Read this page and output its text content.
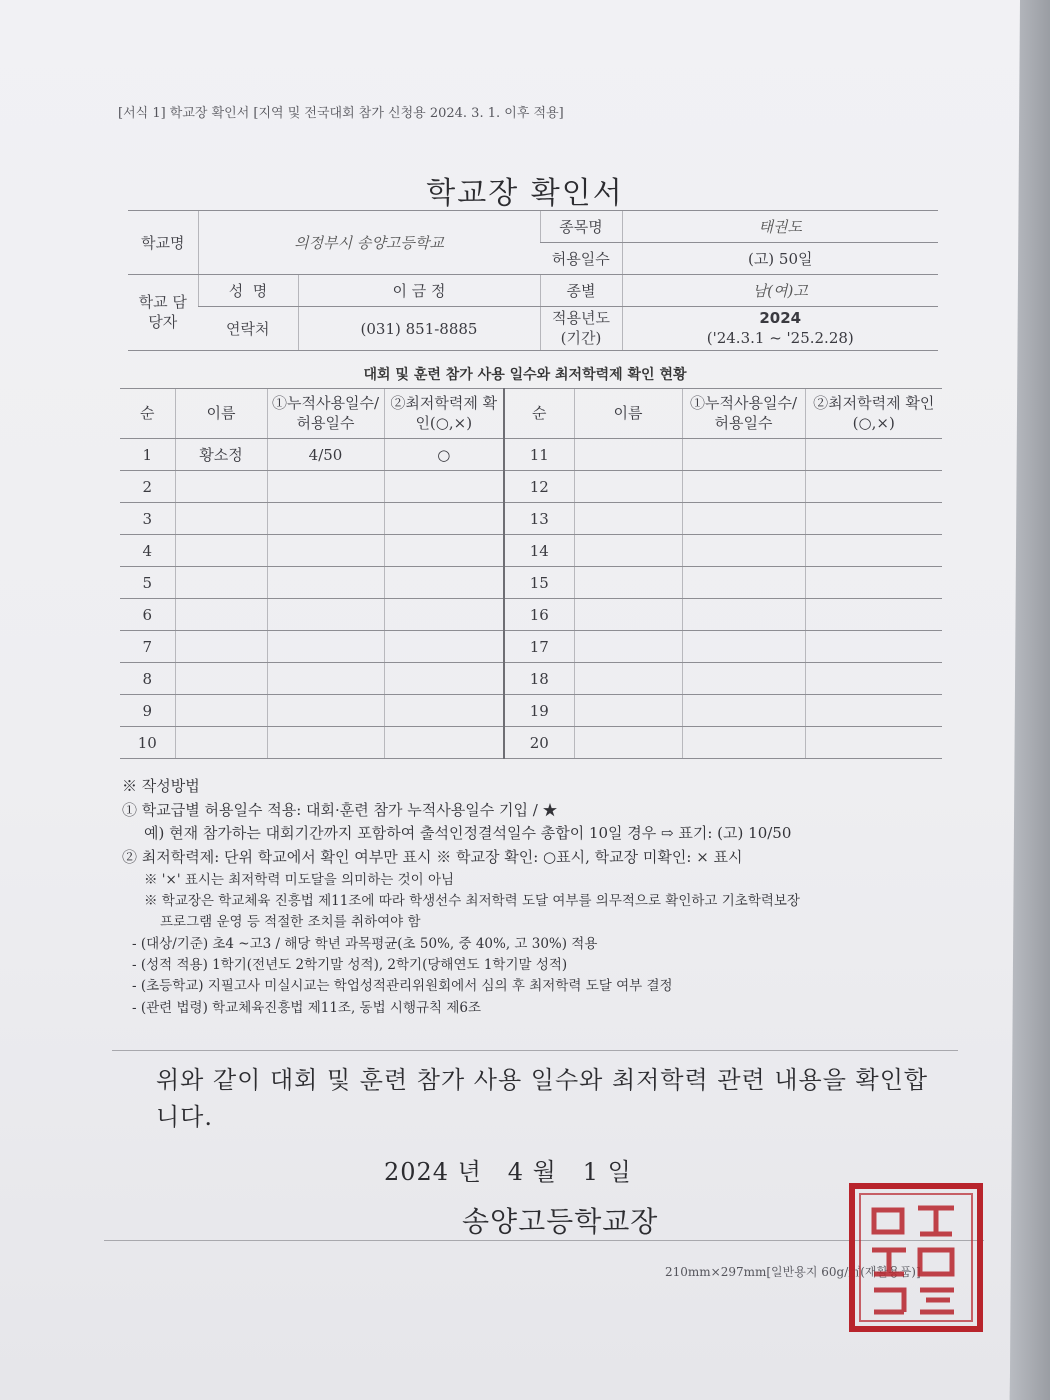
[서식 1] 학교장 확인서 [지역 및 전국대회 참가 신청용 2024. 3. 1. 이후 적용]
학교장 확인서
학교명	의정부시 송양고등학교		종목명	태권도
			허용일수	(고) 50일
학교 담당자	성  명	이 금 정	종별	남(여)고
	연락처	(031) 851-8885	적용년도 (기간)	2024
('24.3.1 ~ '25.2.28)
대회 및 훈련 참가 사용 일수와 최저학력제 확인 현황
순	이름	①누적사용일수/ 허용일수	②최저학력제 확인(○,×)	순	이름	①누적사용일수/ 허용일수	②최저학력제 확인(○,×)
1	황소정	4/50	○	11			
2				12			
3				13			
4				14			
5				15			
6				16			
7				17			
8				18			
9				19			
10				20			
※ 작성방법
① 학교급별 허용일수 적용: 대회·훈련 참가 누적사용일수 기입 / ★
예) 현재 참가하는 대회기간까지 포함하여 출석인정결석일수 총합이 10일 경우 ⇨ 표기: (고) 10/50
② 최저학력제: 단위 학교에서 확인 여부만 표시 ※ 학교장 확인: ○표시, 학교장 미확인: × 표시
※ '×' 표시는 최저학력 미도달을 의미하는 것이 아님
※ 학교장은 학교체육 진흥법 제11조에 따라 학생선수 최저학력 도달 여부를 의무적으로 확인하고 기초학력보장
프로그램 운영 등 적절한 조치를 취하여야 함
- (대상/기준) 초4 ~고3 / 해당 학년 과목평균(초 50%, 중 40%, 고 30%) 적용
- (성적 적용) 1학기(전년도 2학기말 성적), 2학기(당해연도 1학기말 성적)
- (초등학교) 지필고사 미실시교는 학업성적관리위원회에서 심의 후 최저학력 도달 여부 결정
- (관련 법령) 학교체육진흥법 제11조, 동법 시행규칙 제6조
위와 같이 대회 및 훈련 참가 사용 일수와 최저학력 관련 내용을 확인합니다.
2024 년   4 월   1 일
송양고등학교장
210mm×297mm[일반용지 60g/㎡(재활용품)]
